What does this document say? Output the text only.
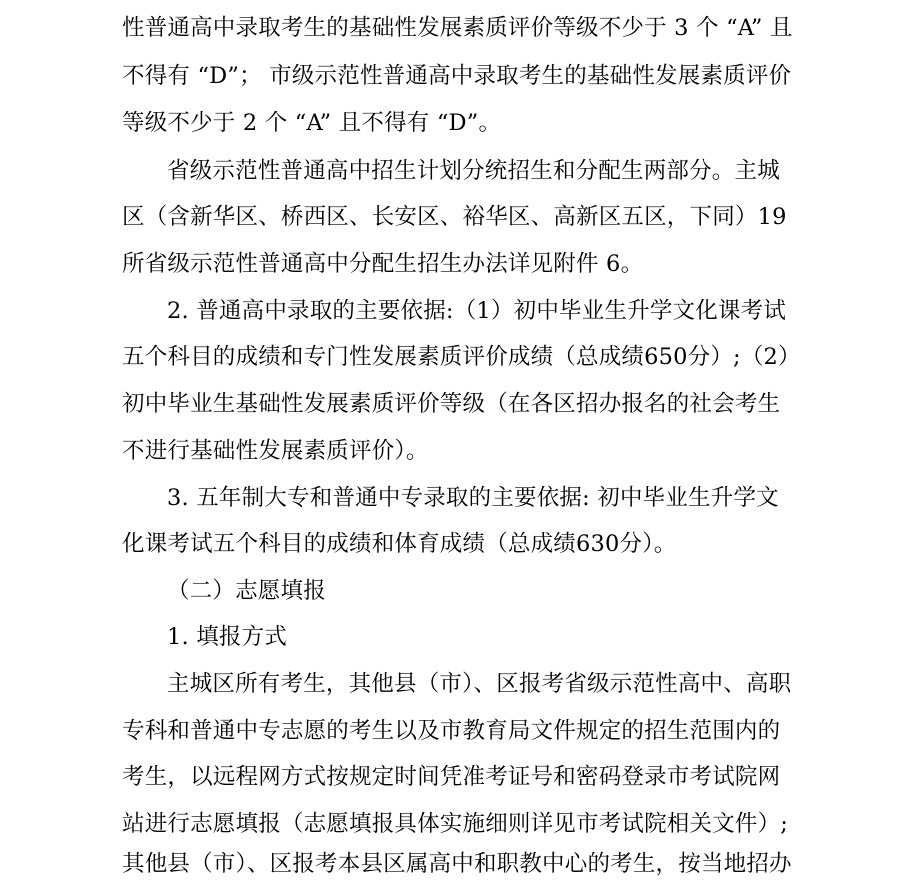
性普通高中录取考生的基础性发展素质评价等级不少于 3 个 “A” 且
不得有 “D”； 市级示范性普通高中录取考生的基础性发展素质评价
等级不少于 2 个 “A” 且不得有 “D”。
省级示范性普通高中招生计划分统招生和分配生两部分。主城
区（含新华区、桥西区、长安区、裕华区、高新区五区，下同）19
所省级示范性普通高中分配生招生办法详见附件 6。
2. 普通高中录取的主要依据:（1）初中毕业生升学文化课考试
五个科目的成绩和专门性发展素质评价成绩（总成绩650分）;（2）
初中毕业生基础性发展素质评价等级（在各区招办报名的社会考生
不进行基础性发展素质评价）。
3. 五年制大专和普通中专录取的主要依据: 初中毕业生升学文
化课考试五个科目的成绩和体育成绩（总成绩630分）。
（二）志愿填报
1. 填报方式
主城区所有考生，其他县（市）、区报考省级示范性高中、高职
专科和普通中专志愿的考生以及市教育局文件规定的招生范围内的
考生，以远程网方式按规定时间凭准考证号和密码登录市考试院网
站进行志愿填报（志愿填报具体实施细则详见市考试院相关文件）;
其他县（市）、区报考本县区属高中和职教中心的考生，按当地招办
